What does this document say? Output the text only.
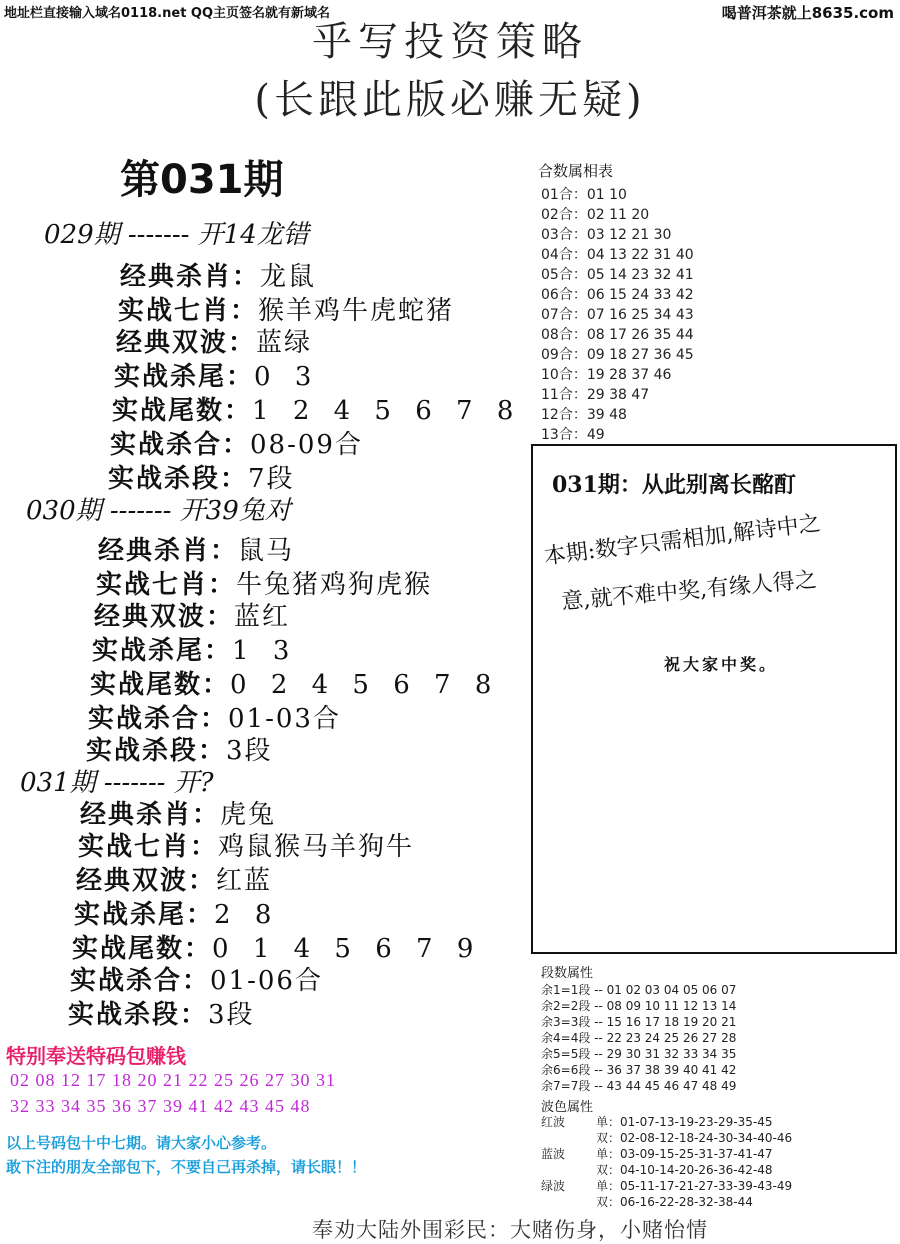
地址栏直接输入域名0118.net QQ主页签名就有新域名	喝普洱茶就上8635.com
乎写投资策略
(长跟此版必赚无疑)
第031期
029期 ------- 开14龙错
经典杀肖：龙鼠
实战七肖：猴羊鸡牛虎蛇猪
经典双波：蓝绿
实战杀尾：0 3
实战尾数：1 2 4 5 6 7 8
实战杀合：08-09合
实战杀段：7段
030期 ------- 开39兔对
经典杀肖：鼠马
实战七肖：牛兔猪鸡狗虎猴
经典双波：蓝红
实战杀尾：1 3
实战尾数：0 2 4 5 6 7 8
实战杀合：01-03合
实战杀段：3段
031期 ------- 开?
经典杀肖：虎兔
实战七肖：鸡鼠猴马羊狗牛
经典双波：红蓝
实战杀尾：2 8
实战尾数：0 1 4 5 6 7 9
实战杀合：01-06合
实战杀段：3段
合数属相表
01合：01 10
02合：02 11 20
03合：03 12 21 30
04合：04 13 22 31 40
05合：05 14 23 32 41
06合：06 15 24 33 42
07合：07 16 25 34 43
08合：08 17 26 35 44
09合：09 18 27 36 45
10合：19 28 37 46
11合：29 38 47
12合：39 48
13合：49
031期：从此别离长酩酊
本期:数字只需相加,解诗中之
意,就不难中奖,有缘人得之
祝大家中奖。
段数属性
余1=1段 -- 01 02 03 04 05 06 07
余2=2段 -- 08 09 10 11 12 13 14
余3=3段 -- 15 16 17 18 19 20 21
余4=4段 -- 22 23 24 25 26 27 28
余5=5段 -- 29 30 31 32 33 34 35
余6=6段 -- 36 37 38 39 40 41 42
余7=7段 -- 43 44 45 46 47 48 49
波色属性
红波	单：01-07-13-19-23-29-35-45
双：02-08-12-18-24-30-34-40-46
蓝波	单：03-09-15-25-31-37-41-47
双：04-10-14-20-26-36-42-48
绿波	单：05-11-17-21-27-33-39-43-49
双：06-16-22-28-32-38-44
特别奉送特码包赚钱
02 08 12 17 18 20 21 22 25 26 27 30 31
32 33 34 35 36 37 39 41 42 43 45 48
以上号码包十中七期。请大家小心参考。
敢下注的朋友全部包下，不要自己再杀掉，请长眼！！
奉劝大陆外围彩民：大赌伤身，小赌怡情
